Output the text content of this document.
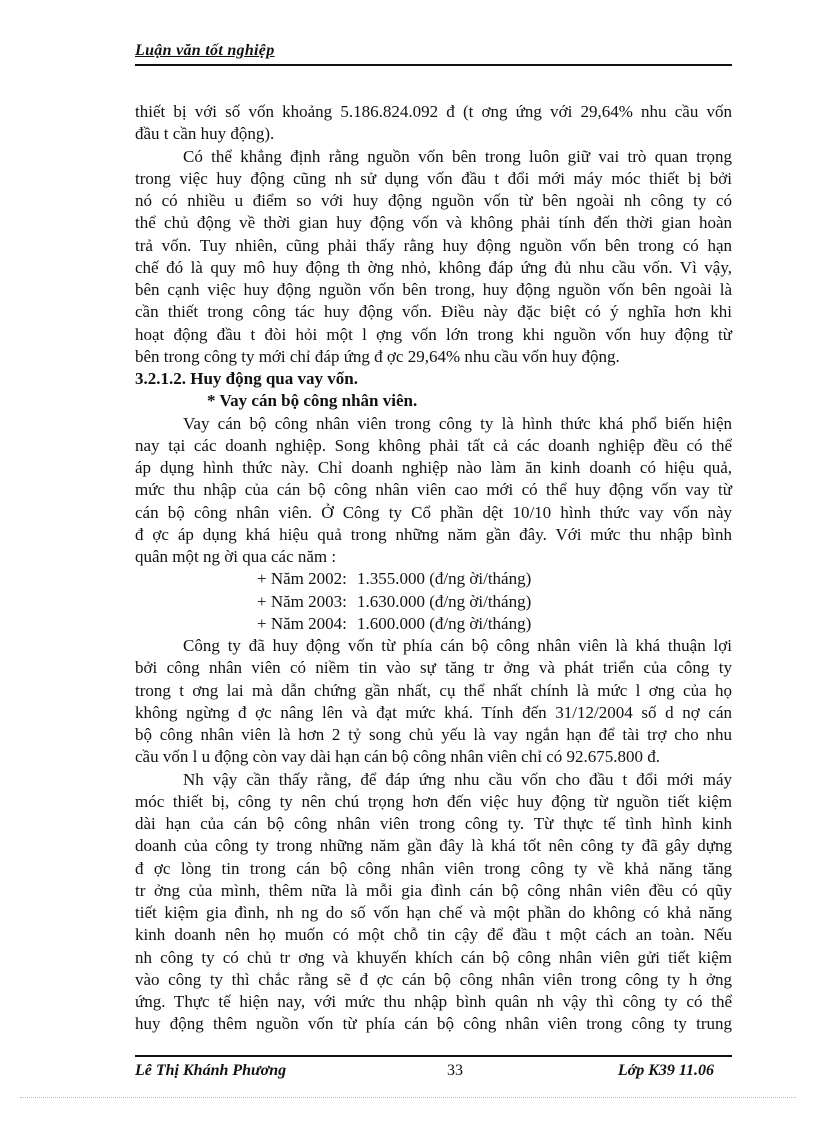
Luận văn tốt nghiệp
thiết bị với số vốn khoảng 5.186.824.092 đ (t ơng ứng với 29,64% nhu cầu vốn
đầu t cần huy động).
Có thể khẳng định rằng nguồn vốn bên trong luôn giữ vai trò quan trọng
trong việc huy động cũng nh sử dụng vốn đầu t đổi mới máy móc thiết bị bởi
nó có nhiều u điểm so với huy động nguồn vốn từ bên ngoài nh công ty có
thể chủ động về thời gian huy động vốn và không phải tính đến thời gian hoàn
trả vốn. Tuy nhiên, cũng phải thấy rằng huy động nguồn vốn bên trong có hạn
chế đó là quy mô huy động th ờng nhỏ, không đáp ứng đủ nhu cầu vốn. Vì vậy,
bên cạnh việc huy động nguồn vốn bên trong, huy động nguồn vốn bên ngoài là
cần thiết trong công tác huy động vốn. Điều này đặc biệt có ý nghĩa hơn khi
hoạt động đầu t đòi hỏi một l ợng vốn lớn trong khi nguồn vốn huy động từ
bên trong công ty mới chỉ đáp ứng đ ợc 29,64% nhu cầu vốn huy động.
3.2.1.2. Huy động qua vay vốn.
* Vay cán bộ công nhân viên.
Vay cán bộ công nhân viên trong công ty là hình thức khá phổ biến hiện
nay tại các doanh nghiệp. Song không phải tất cả các doanh nghiệp đều có thể
áp dụng hình thức này. Chỉ doanh nghiệp nào làm ăn kinh doanh có hiệu quả,
mức thu nhập của cán bộ công nhân viên cao mới có thể huy động vốn vay từ
cán bộ công nhân viên. Ở Công ty Cổ phần dệt 10/10 hình thức vay vốn này
đ ợc áp dụng khá hiệu quả trong những năm gần đây. Với mức thu nhập bình
quân một ng ời qua các năm :
+ Năm 2002: 1.355.000 (đ/ng ời/tháng)
+ Năm 2003: 1.630.000 (đ/ng ời/tháng)
+ Năm 2004: 1.600.000 (đ/ng ời/tháng)
Công ty đã huy động vốn từ phía cán bộ công nhân viên là khá thuận lợi
bởi công nhân viên có niềm tin vào sự tăng tr ởng và phát triển của công ty
trong t ơng lai mà dẫn chứng gần nhất, cụ thể nhất chính là mức l ơng của họ
không ngừng đ ợc nâng lên và đạt mức khá. Tính đến 31/12/2004 số d nợ cán
bộ công nhân viên là hơn 2 tỷ song chủ yếu là vay ngắn hạn để tài trợ cho nhu
cầu vốn l u động còn vay dài hạn cán bộ công nhân viên chỉ có 92.675.800 đ.
Nh vậy cần thấy rằng, để đáp ứng nhu cầu vốn cho đầu t đổi mới máy
móc thiết bị, công ty nên chú trọng hơn đến việc huy động từ nguồn tiết kiệm
dài hạn của cán bộ công nhân viên trong công ty. Từ thực tế tình hình kinh
doanh của công ty trong những năm gần đây là khá tốt nên công ty đã gây dựng
đ ợc lòng tin trong cán bộ công nhân viên trong công ty về khả năng tăng
tr ởng của mình, thêm nữa là mỗi gia đình cán bộ công nhân viên đều có qũy
tiết kiệm gia đình, nh ng do số vốn hạn chế và một phần do không có khả năng
kinh doanh nên họ muốn có một chỗ tin cậy để đầu t một cách an toàn. Nếu
nh công ty có chủ tr ơng và khuyến khích cán bộ công nhân viên gửi tiết kiệm
vào công ty thì chắc rằng sẽ đ ợc cán bộ công nhân viên trong công ty h ởng
ứng. Thực tế hiện nay, với mức thu nhập bình quân nh vậy thì công ty có thể
huy động thêm nguồn vốn từ phía cán bộ công nhân viên trong công ty trung
Lê Thị Khánh Phương	33	Lớp K39 11.06
